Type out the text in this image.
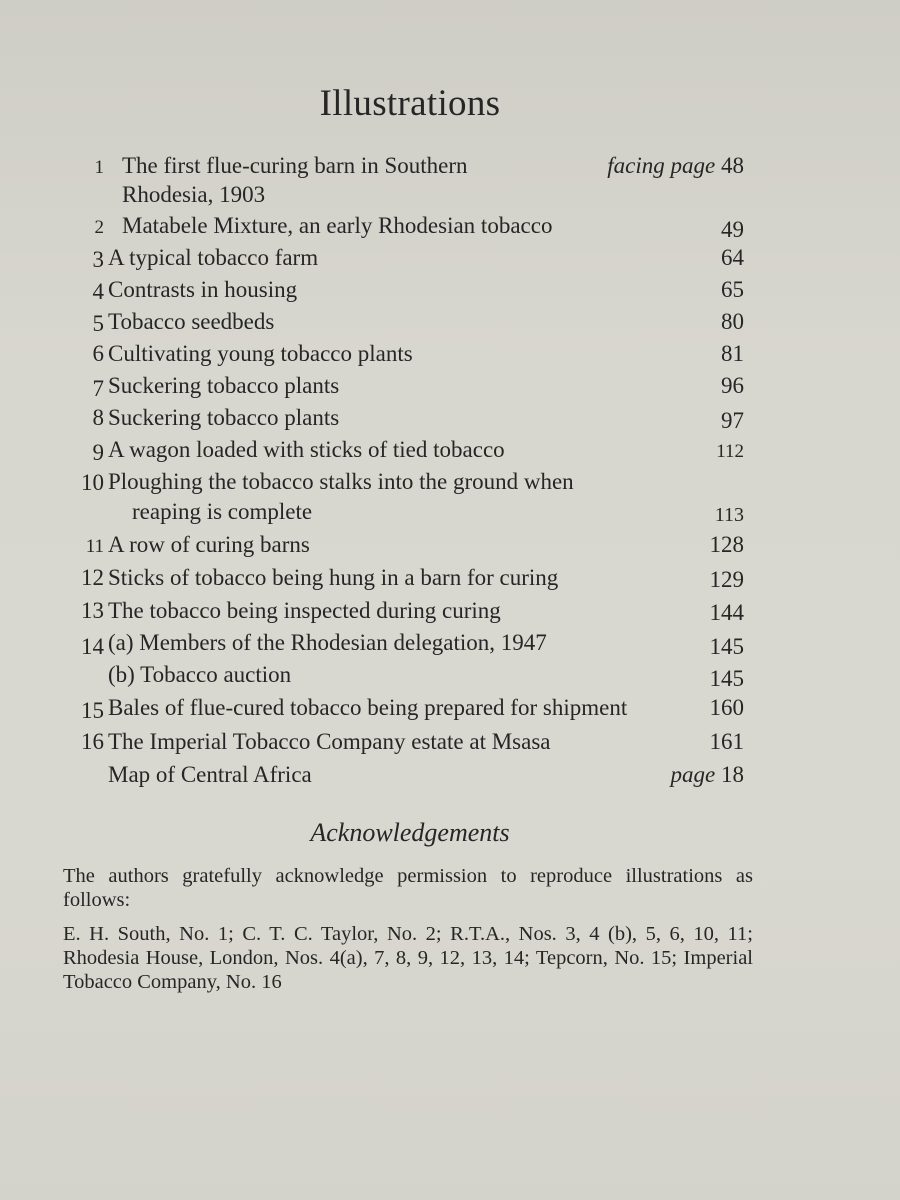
Illustrations
1 The first flue-curing barn in Southern	facing page 48
Rhodesia, 1903
2 Matabele Mixture, an early Rhodesian tobacco	49
3 A typical tobacco farm	64
4 Contrasts in housing	65
5 Tobacco seedbeds	80
6 Cultivating young tobacco plants	81
7 Suckering tobacco plants	96
8 Suckering tobacco plants	97
9 A wagon loaded with sticks of tied tobacco	112
10 Ploughing the tobacco stalks into the ground when
reaping is complete	113
11 A row of curing barns	128
12 Sticks of tobacco being hung in a barn for curing	129
13 The tobacco being inspected during curing	144
14 (a) Members of the Rhodesian delegation, 1947	145
(b) Tobacco auction	145
15 Bales of flue-cured tobacco being prepared for shipment	160
16 The Imperial Tobacco Company estate at Msasa	161
Map of Central Africa	page 18
Acknowledgements
The authors gratefully acknowledge permission to reproduce illustrations as follows:
E. H. South, No. 1; C. T. C. Taylor, No. 2; R.T.A., Nos. 3, 4 (b), 5, 6, 10, 11; Rhodesia House, London, Nos. 4(a), 7, 8, 9, 12, 13, 14; Tepcorn, No. 15; Imperial Tobacco Company, No. 16
